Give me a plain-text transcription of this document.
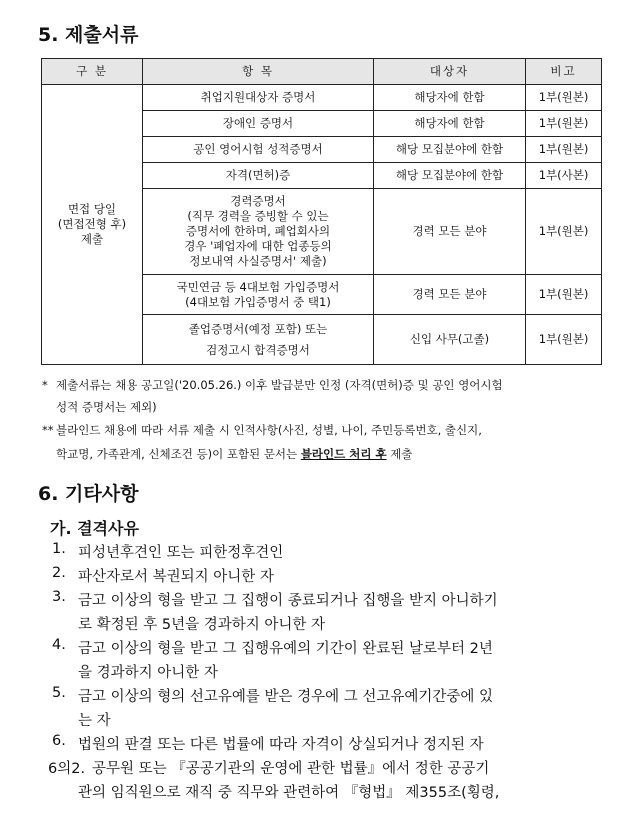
5. 제출서류
구 분	항 목	대상자	비고

면접 당일
(면접전형 후)
제출	취업지원대상자 증명서	해당자에 한함	1부(원본)

	장애인 증명서	해당자에 한함	1부(원본)

	공인 영어시험 성적증명서	해당 모집분야에 한함	1부(원본)

	자격(면허)증	해당 모집분야에 한함	1부(사본)

	경력증명서
(직무 경력을 증빙할 수 있는
증명서에 한하며, 폐업회사의
경우 '폐업자에 대한 업종등의
정보내역 사실증명서' 제출)	경력 모든 분야	1부(원본)

	국민연금 등 4대보험 가입증명서
(4대보험 가입증명서 중 택1)	경력 모든 분야	1부(원본)

	졸업증명서(예정 포함) 또는
검정고시 합격증명서	신입 사무(고졸)	1부(원본)
* 제출서류는 채용 공고일('20.05.26.) 이후 발급분만 인정 (자격(면허)증 및 공인 영어시험
성적 증명서는 제외)
** 블라인드 채용에 따라 서류 제출 시 인적사항(사진, 성별, 나이, 주민등록번호, 출신지,
학교명, 가족관계, 신체조건 등)이 포함된 문서는 블라인드 처리 후 제출
6. 기타사항
가. 결격사유
1. 피성년후견인 또는 피한정후견인
2. 파산자로서 복권되지 아니한 자
3. 금고 이상의 형을 받고 그 집행이 종료되거나 집행을 받지 아니하기
로 확정된 후 5년을 경과하지 아니한 자
4. 금고 이상의 형을 받고 그 집행유예의 기간이 완료된 날로부터 2년
을 경과하지 아니한 자
5. 금고 이상의 형의 선고유예를 받은 경우에 그 선고유예기간중에 있
는 자
6. 법원의 판결 또는 다른 법률에 따라 자격이 상실되거나 정지된 자
6의2. 공무원 또는 『공공기관의 운영에 관한 법률』에서 정한 공공기
관의 임직원으로 재직 중 직무와 관련하여 『형법』 제355조(횡령,
